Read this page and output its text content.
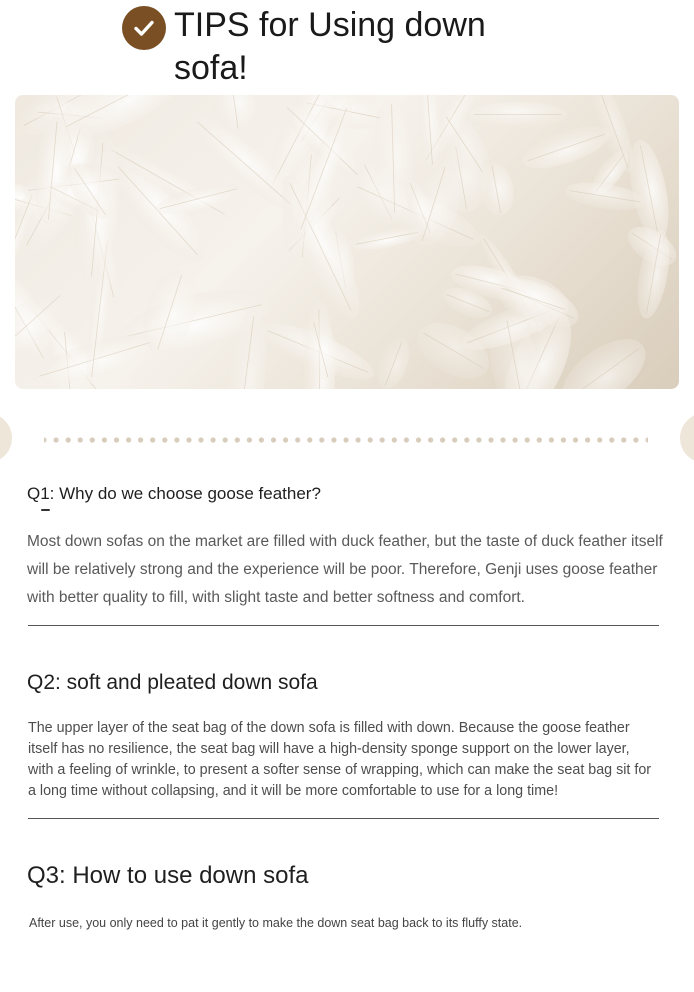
TIPS for Using down sofa!
Q1: Why do we choose goose feather?

Most down sofas on the market are filled with duck feather, but the taste of duck feather itself will be relatively strong and the experience will be poor. Therefore, Genji uses goose feather with better quality to fill, with slight taste and better softness and comfort.

Q2: soft and pleated down sofa

The upper layer of the seat bag of the down sofa is filled with down. Because the goose feather itself has no resilience, the seat bag will have a high-density sponge support on the lower layer, with a feeling of wrinkle, to present a softer sense of wrapping, which can make the seat bag sit for a long time without collapsing, and it will be more comfortable to use for a long time!

Q3: How to use down sofa

After use, you only need to pat it gently to make the down seat bag back to its fluffy state.
